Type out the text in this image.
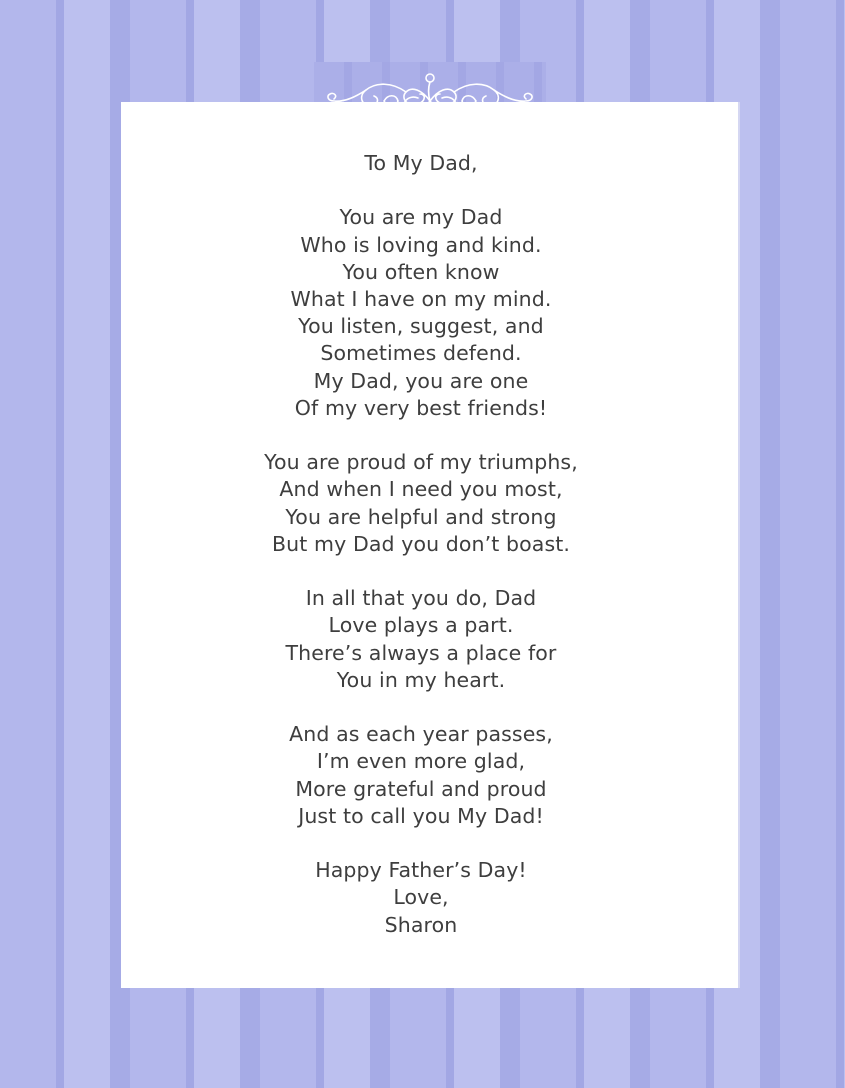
To My Dad,
You are my Dad
Who is loving and kind.
You often know
What I have on my mind.
You listen, suggest, and
Sometimes defend.
My Dad, you are one
Of my very best friends!
You are proud of my triumphs,
And when I need you most,
You are helpful and strong
But my Dad you don’t boast.
In all that you do, Dad
Love plays a part.
There’s always a place for
You in my heart.
And as each year passes,
I’m even more glad,
More grateful and proud
Just to call you My Dad!
Happy Father’s Day!
Love,
Sharon
